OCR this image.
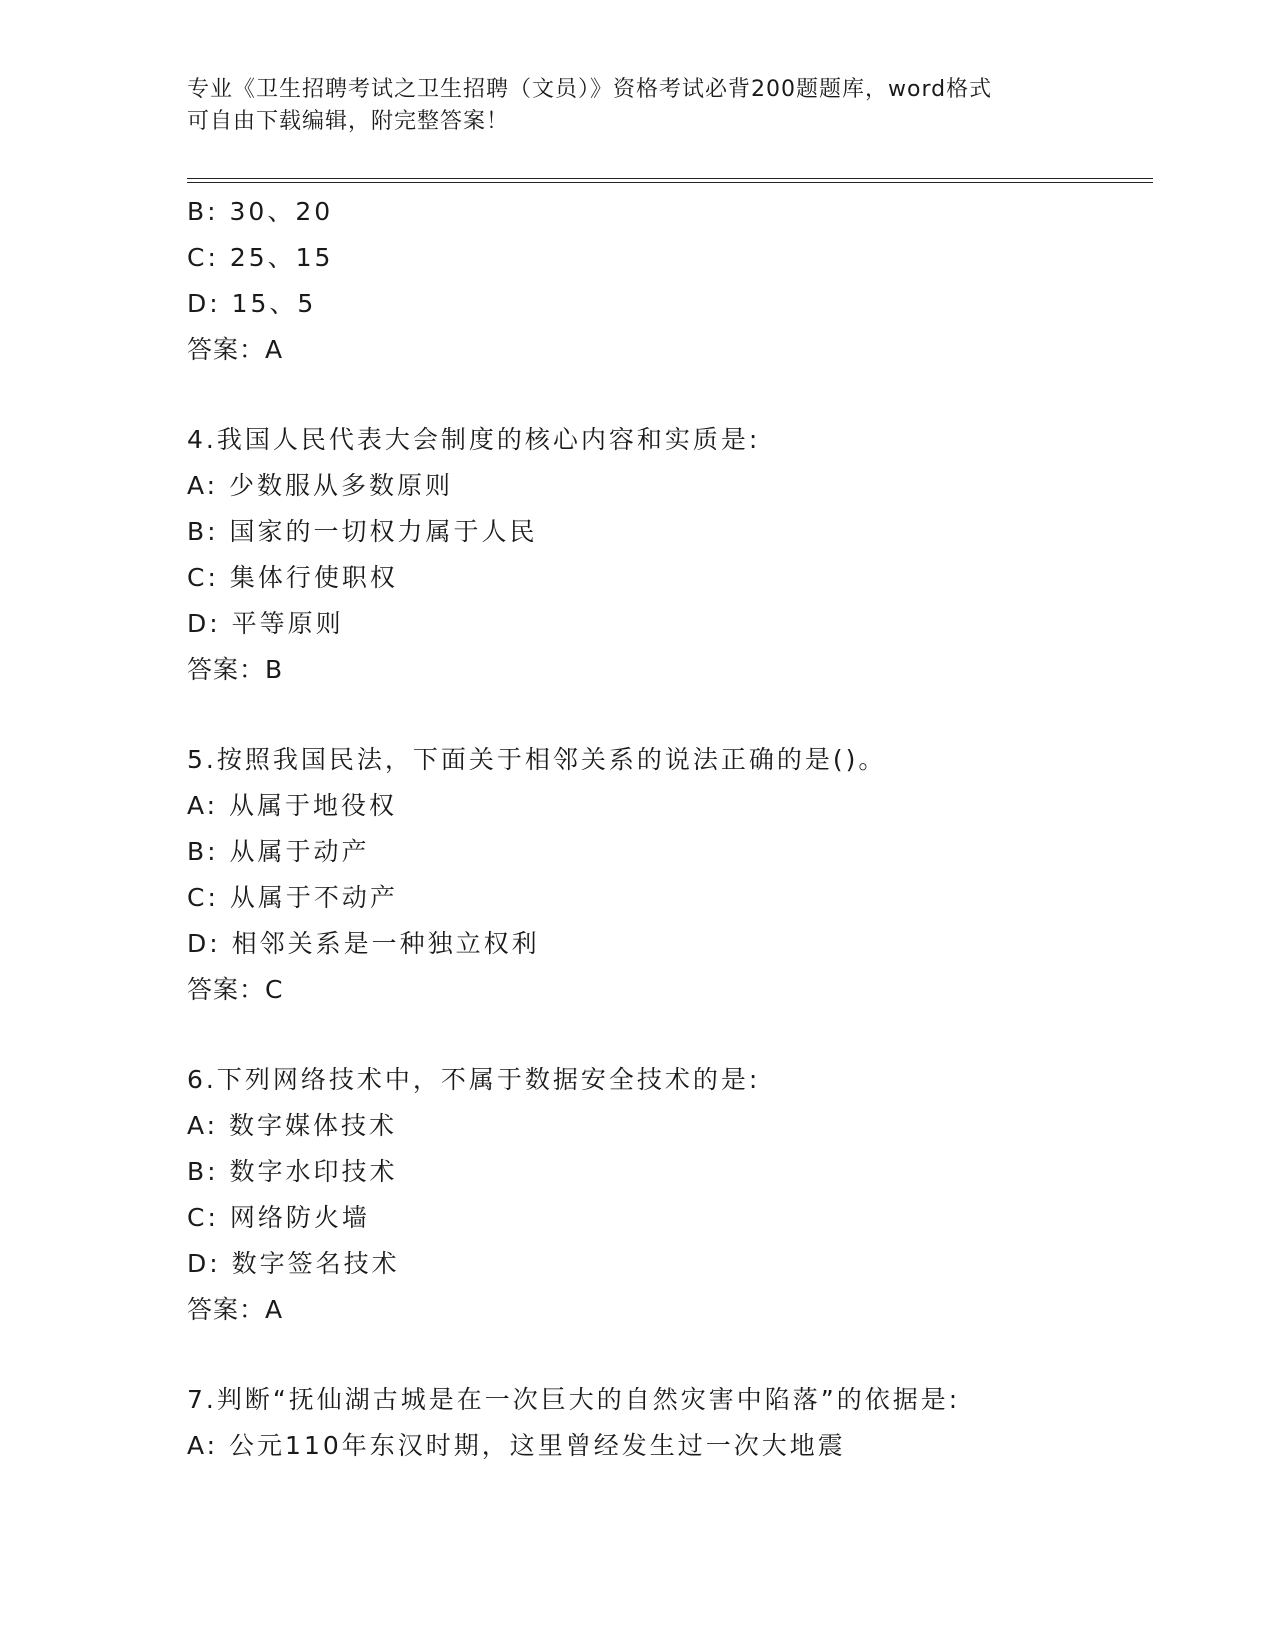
专业《卫生招聘考试之卫生招聘（文员）》资格考试必背200题题库，word格式
可自由下载编辑，附完整答案！
B: 30、20
C: 25、15
D: 15、5
答案：A
4.我国人民代表大会制度的核心内容和实质是:
A: 少数服从多数原则
B: 国家的一切权力属于人民
C: 集体行使职权
D: 平等原则
答案：B
5.按照我国民法，下面关于相邻关系的说法正确的是()。
A: 从属于地役权
B: 从属于动产
C: 从属于不动产
D: 相邻关系是一种独立权利
答案：C
6.下列网络技术中，不属于数据安全技术的是:
A: 数字媒体技术
B: 数字水印技术
C: 网络防火墙
D: 数字签名技术
答案：A
7.判断“抚仙湖古城是在一次巨大的自然灾害中陷落”的依据是:
A: 公元110年东汉时期，这里曾经发生过一次大地震
